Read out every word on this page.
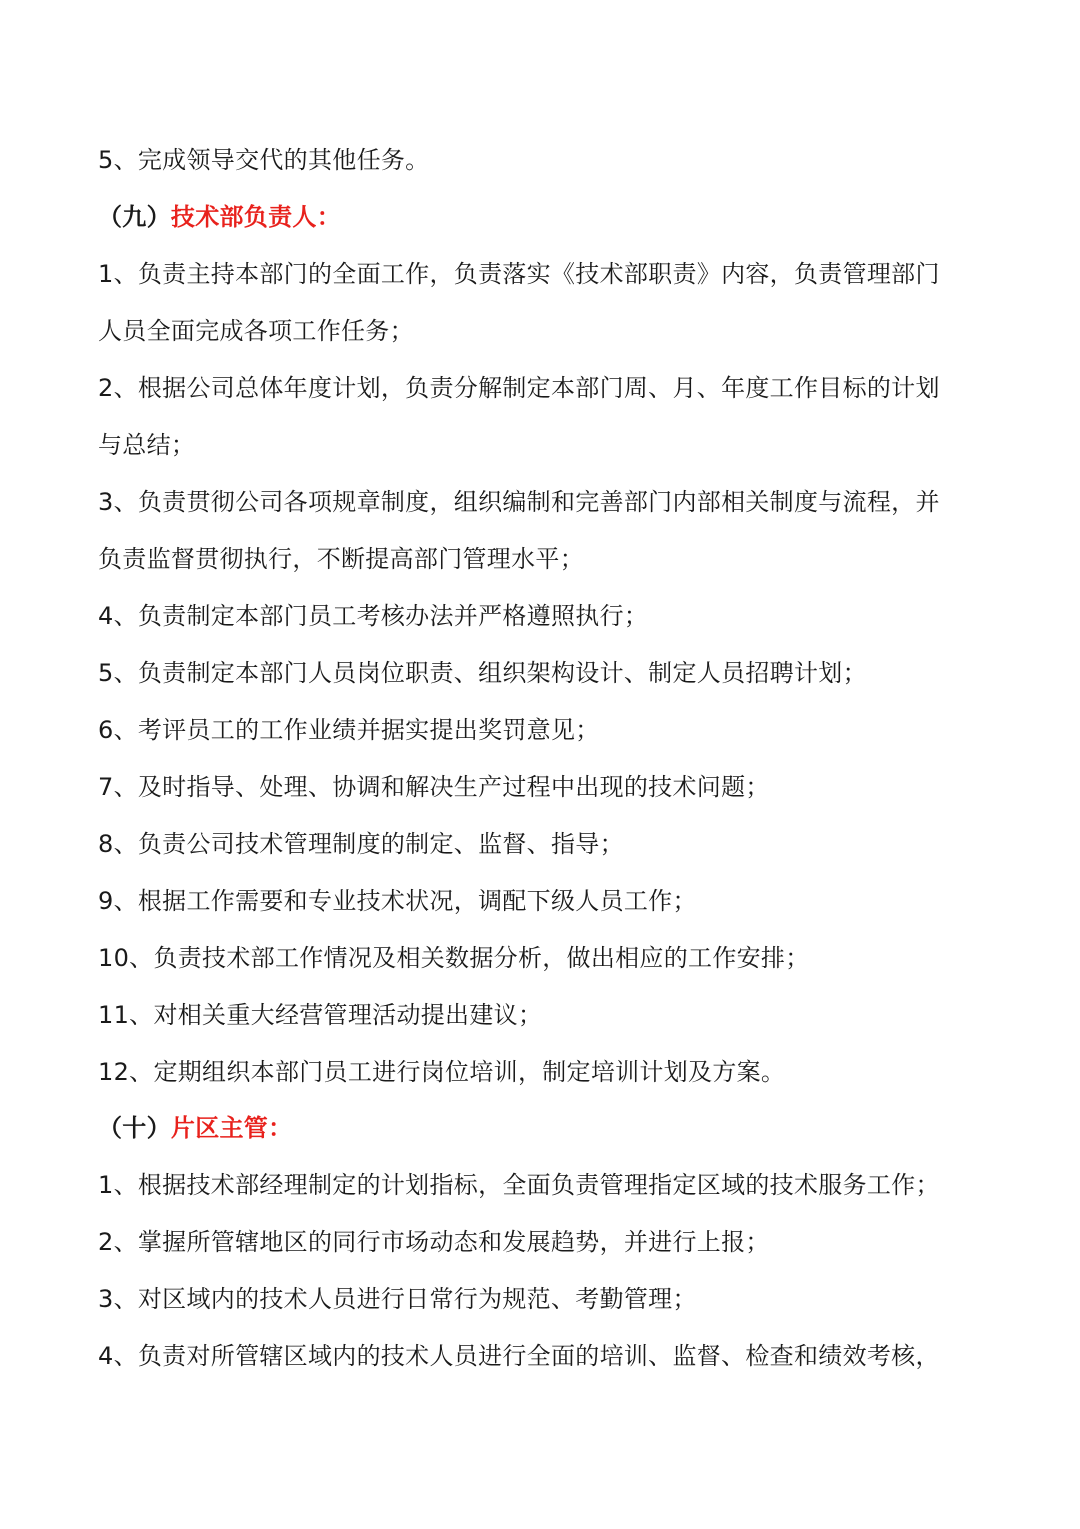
5、完成领导交代的其他任务。
（九）技术部负责人：
1、负责主持本部门的全面工作，负责落实《技术部职责》内容，负责管理部门
人员全面完成各项工作任务；
2、根据公司总体年度计划，负责分解制定本部门周、月、年度工作目标的计划
与总结；
3、负责贯彻公司各项规章制度，组织编制和完善部门内部相关制度与流程，并
负责监督贯彻执行，不断提高部门管理水平；
4、负责制定本部门员工考核办法并严格遵照执行；
5、负责制定本部门人员岗位职责、组织架构设计、制定人员招聘计划；
6、考评员工的工作业绩并据实提出奖罚意见；
7、及时指导、处理、协调和解决生产过程中出现的技术问题；
8、负责公司技术管理制度的制定、监督、指导；
9、根据工作需要和专业技术状况，调配下级人员工作；
10、负责技术部工作情况及相关数据分析，做出相应的工作安排；
11、对相关重大经营管理活动提出建议；
12、定期组织本部门员工进行岗位培训，制定培训计划及方案。
（十）片区主管：
1、根据技术部经理制定的计划指标，全面负责管理指定区域的技术服务工作；
2、掌握所管辖地区的同行市场动态和发展趋势，并进行上报；
3、对区域内的技术人员进行日常行为规范、考勤管理；
4、负责对所管辖区域内的技术人员进行全面的培训、监督、检查和绩效考核，
